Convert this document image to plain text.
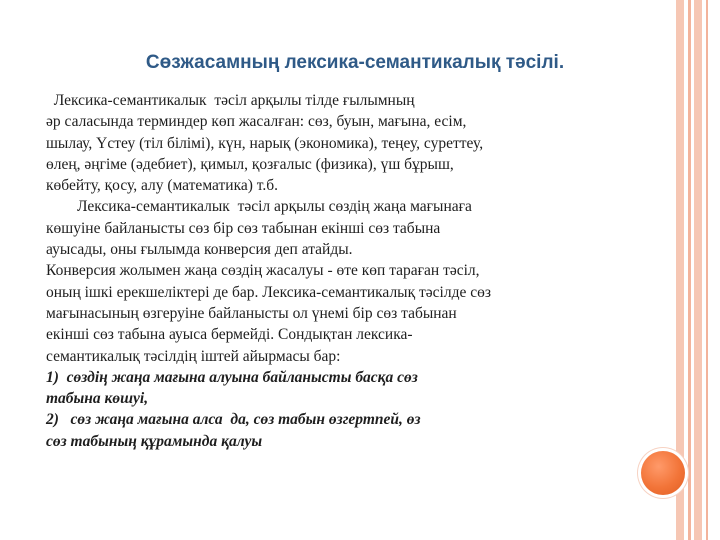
Сөзжасамның лексика-семантикалық тәсілі.
Лексика-семантикалык  тәсіл арқылы тілде ғылымның
әр саласында терминдер көп жасалған: сөз, буын, мағына, есім,
шылау, Үстеу (тіл білімі), күн, нарық (экономика), теңеу, суреттеу,
өлең, әңгіме (әдебиет), қимыл, қозғалыс (физика), үш бұрыш,
көбейту, қосу, алу (математика) т.б.
Лексика-семантикалык  тәсіл арқылы сөздің жаңа мағынаға
көшуіне байланысты сөз бір сөз табынан екінші сөз табына
ауысады, оны ғылымда конверсия деп атайды.
Конверсия жолымен жаңа сөздің жасалуы - өте көп тараған тәсіл,
оның ішкі ерекшеліктері де бар. Лексика-семантикалық тәсілде сөз
мағынасының өзгеруіне байланысты ол үнемі бір сөз табынан
екінші сөз табына ауыса бермейді. Сондықтан лексика-
семантикалық тәсілдің іштей айырмасы бар:
1)  сөздің жаңа мағына алуына байланысты басқа сөз
табына көшуі,
2)   сөз жаңа мағына алса  да, сөз табын өзгертпей, өз
сөз табының құрамында қалуы
